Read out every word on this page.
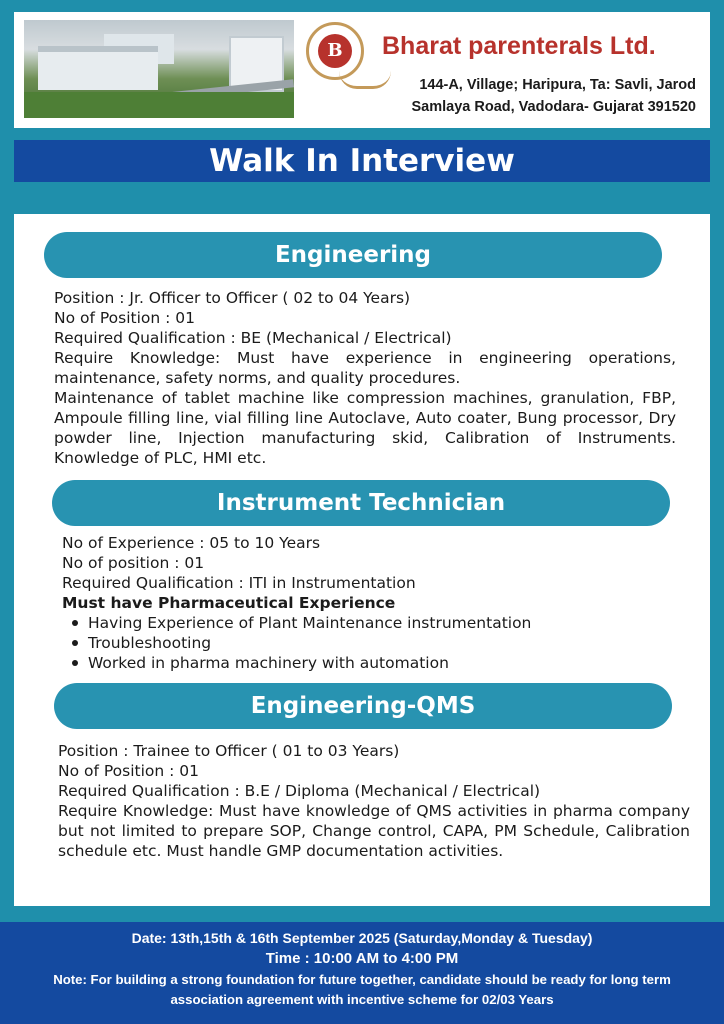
B	Bharat parenterals Ltd.
144-A, Village; Haripura, Ta: Savli, Jarod
Samlaya Road, Vadodara- Gujarat 391520
Walk In Interview
Engineering

Position : Jr. Officer to Officer ( 02 to 04 Years)

No of Position : 01

Required Qualification : BE (Mechanical / Electrical)

Require Knowledge: Must have experience in engineering operations, maintenance, safety norms, and quality procedures.

Maintenance of tablet machine like compression machines, granulation, FBP, Ampoule filling line, vial filling line Autoclave, Auto coater, Bung processor, Dry powder line, Injection manufacturing skid, Calibration of Instruments. Knowledge of PLC, HMI etc.

Instrument Technician

No of Experience : 05 to 10 Years

No of position : 01

Required Qualification : ITI in Instrumentation

Must have Pharmaceutical Experience

Having Experience of Plant Maintenance instrumentation
Troubleshooting
Worked in pharma machinery with automation
Engineering-QMS

Position : Trainee to Officer ( 01 to 03 Years)

No of Position : 01

Required Qualification : B.E / Diploma (Mechanical / Electrical)

Require Knowledge: Must have knowledge of QMS activities in pharma company but not limited to prepare SOP, Change control, CAPA, PM Schedule, Calibration schedule etc. Must handle GMP documentation activities.

Date: 13th,15th & 16th September 2025 (Saturday,Monday & Tuesday)
Time : 10:00 AM to 4:00 PM
Note: For building a strong foundation for future together, candidate should be ready for long term association agreement with incentive scheme for 02/03 Years
